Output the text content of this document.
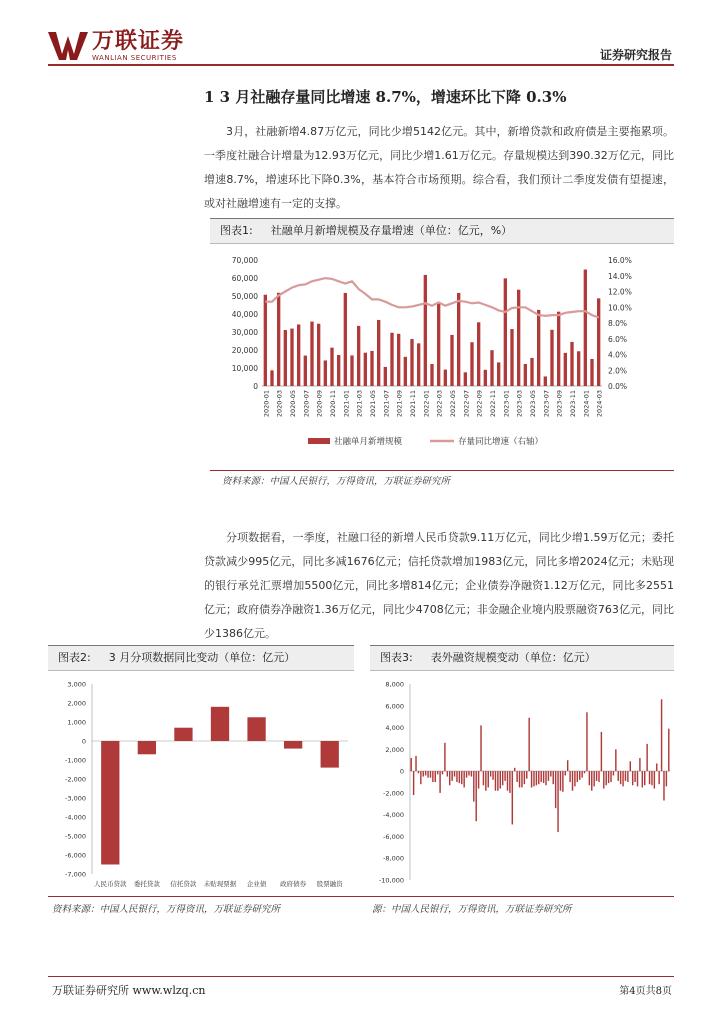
万联证券
WANLIAN SECURITIES	证券研究报告
1 3 月社融存量同比增速 8.7%，增速环比下降 0.3%
3月，社融新增4.87万亿元，同比少增5142亿元。其中，新增贷款和政府债是主要拖累项。一季度社融合计增量为12.93万亿元，同比少增1.61万亿元。存量规模达到390.32万亿元，同比增速8.7%，增速环比下降0.3%，基本符合市场预期。综合看，我们预计二季度发债有望提速，或对社融增速有一定的支撑。
图表1: 社融单月新增规模及存量增速（单位：亿元，%）
0
10,000
20,000
30,000
40,000
50,000
60,000
70,000
0.0%
2.0%
4.0%
6.0%
8.0%
10.0%
12.0%
14.0%
16.0%
2020-01 2020-03 2020-05 2020-07 2020-09 2020-11 2021-01 2021-03 2021-05 2021-07 2021-09 2021-11 2022-01 2022-03 2022-05 2022-07 2022-09 2022-11 2023-01 2023-03 2023-05 2023-07 2023-09 2023-11 2024-01 2024-03
社融单月新增规模	存量同比增速（右轴）
资料来源：中国人民银行，万得资讯，万联证券研究所
分项数据看，一季度，社融口径的新增人民币贷款9.11万亿元，同比少增1.59万亿元；委托贷款减少995亿元，同比多减1676亿元；信托贷款增加1983亿元，同比多增2024亿元；未贴现的银行承兑汇票增加5500亿元，同比多增814亿元；企业债券净融资1.12万亿元，同比多2551亿元；政府债券净融资1.36万亿元，同比少4708亿元；非金融企业境内股票融资763亿元，同比少1386亿元。
图表2: 3 月分项数据同比变动（单位：亿元）
3,000
2,000
1,000
0
-1,000
-2,000
-3,000
-4,000
-5,000
-6,000
-7,000
人民币贷款 委托贷款 信托贷款 未贴现票据 企业债 政府债券 股票融资
图表3: 表外融资规模变动（单位：亿元）
8,000
6,000
4,000
2,000
0
-2,000
-4,000
-6,000
-8,000
-10,000
资料来源：中国人民银行，万得资讯，万联证券研究所	源：中国人民银行，万得资讯，万联证券研究所
万联证券研究所 www.wlzq.cn	第4页共8页
